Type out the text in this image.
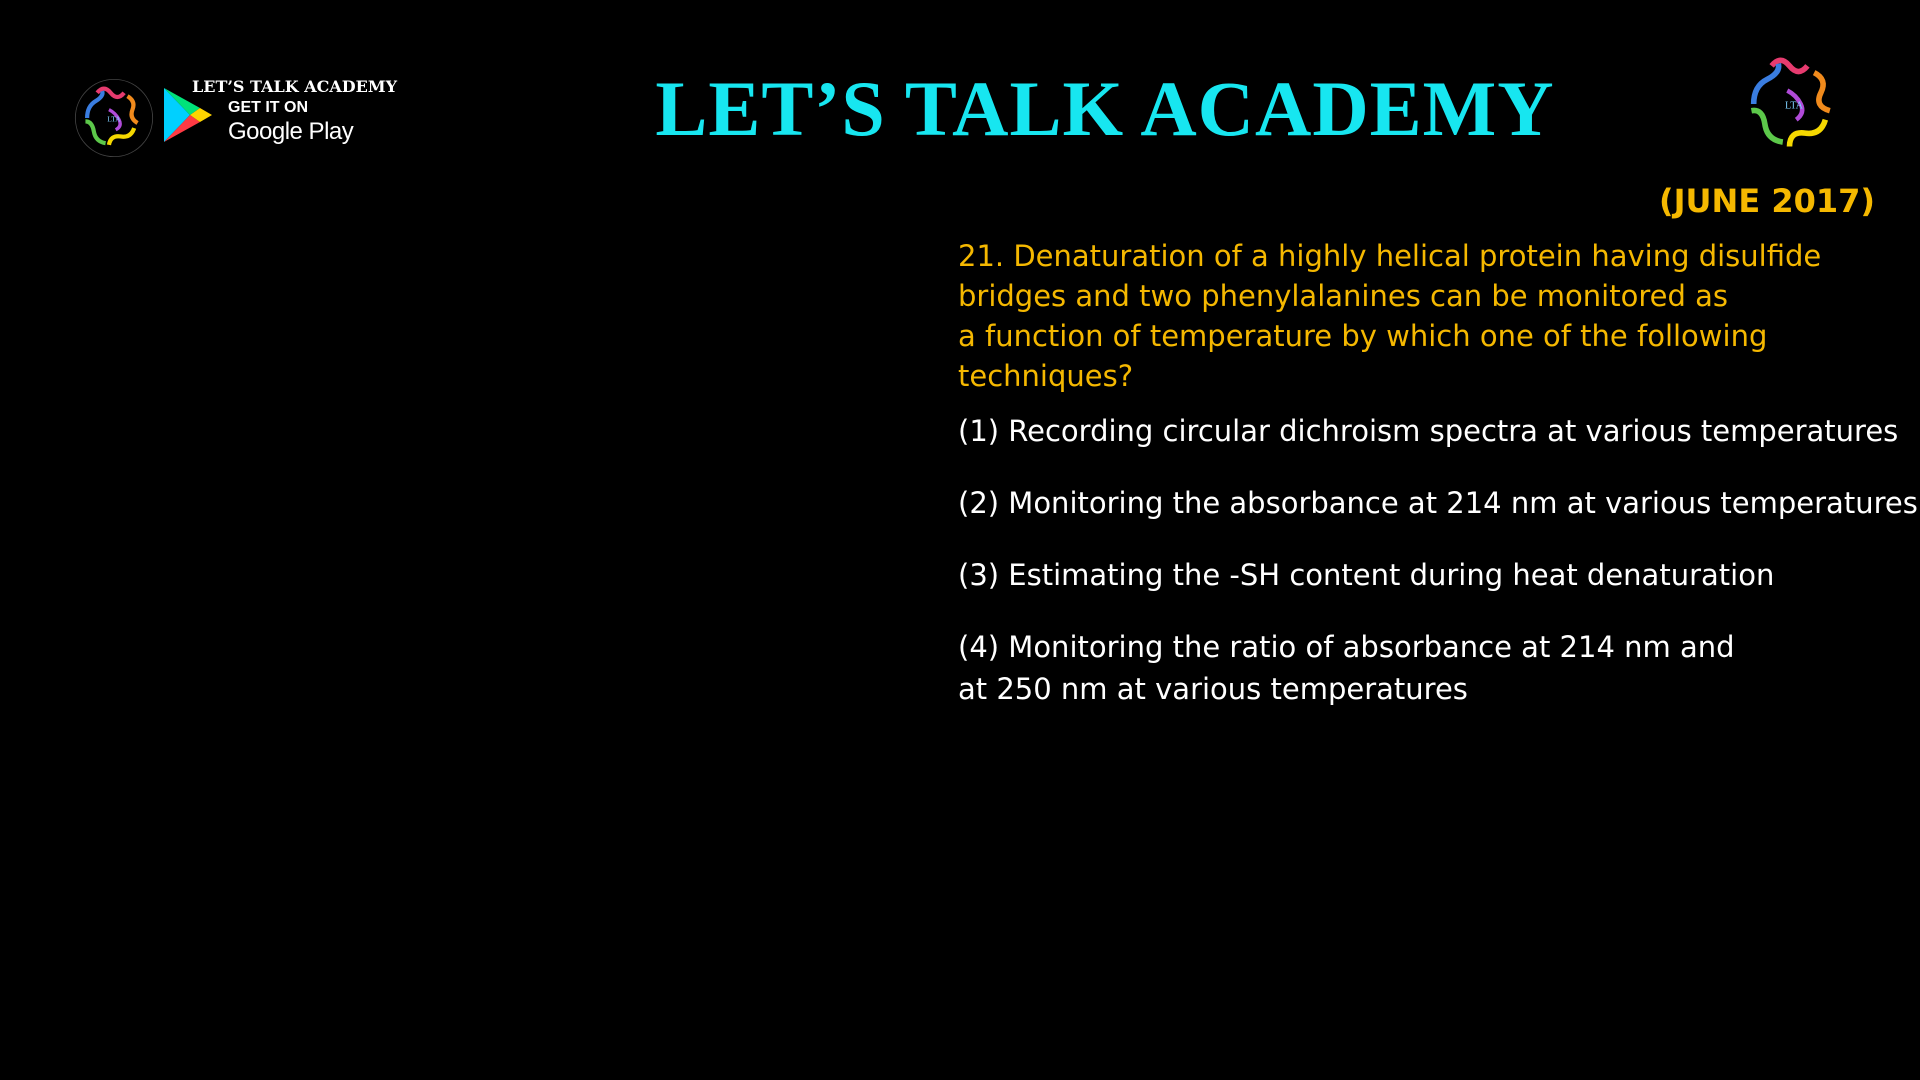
LTA
LET’S TALK ACADEMY
GET IT ON
Google Play	LET’S TALK ACADEMY	LTA
(JUNE 2017)
21. Denaturation of a highly helical protein having disulfide
bridges and two phenylalanines can be monitored as
a function of temperature by which one of the following
techniques?
(1) Recording circular dichroism spectra at various temperatures
(2) Monitoring the absorbance at 214 nm at various temperatures
(3) Estimating the -SH content during heat denaturation
(4) Monitoring the ratio of absorbance at 214 nm and
at 250 nm at various temperatures
